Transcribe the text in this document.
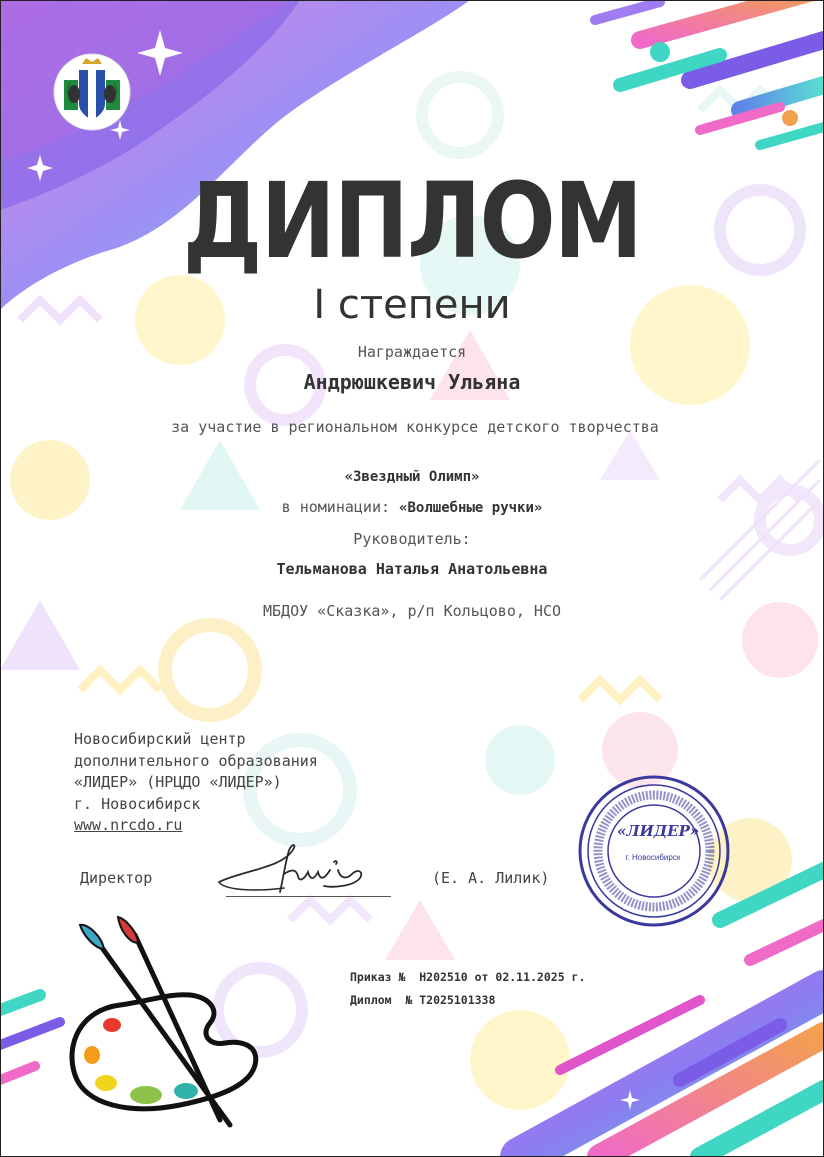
ДИПЛОМ
I степени
Награждается
Андрюшкевич Ульяна
за участие в региональном конкурсе детского творчества
«Звездный Олимп»
в номинации: «Волшебные ручки»
Руководитель:
Тельманова Наталья Анатольевна
МБДОУ «Сказка», р/п Кольцово, НСО
Новосибирский центр
дополнительного образования
«ЛИДЕР» (НРЦДО «ЛИДЕР»)
г. Новосибирск
www.nrcdo.ru
Директор	(Е. А. Лилик)
«ЛИДЕР»
г. Новосибирск
Приказ №  Н202510 от 02.11.2025 г.
Диплом  № Т2025101338
